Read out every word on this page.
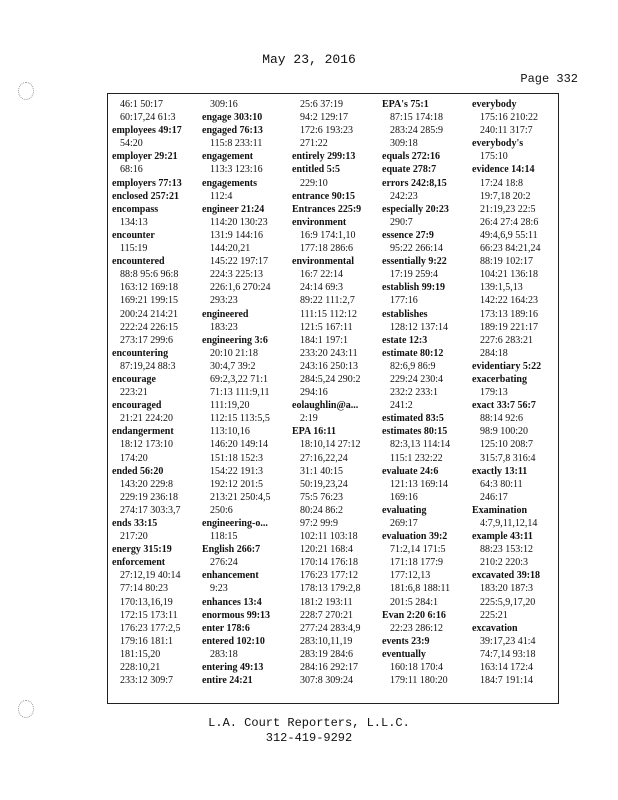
May 23, 2016
Page 332
46:1 50:17
60:17,24 61:3
employees 49:17
54:20
employer 29:21
68:16
employers 77:13
enclosed 257:21
encompass
134:13
encounter
115:19
encountered
88:8 95:6 96:8
163:12 169:18
169:21 199:15
200:24 214:21
222:24 226:15
273:17 299:6
encountering
87:19,24 88:3
encourage
223:21
encouraged
21:21 224:20
endangerment
18:12 173:10
174:20
ended 56:20
143:20 229:8
229:19 236:18
274:17 303:3,7
ends 33:15
217:20
energy 315:19
enforcement
27:12,19 40:14
77:14 80:23
170:13,16,19
172:15 173:11
176:23 177:2,5
179:16 181:1
181:15,20
228:10,21
233:12 309:7
309:16
engage 303:10
engaged 76:13
115:8 233:11
engagement
113:3 123:16
engagements
112:4
engineer 21:24
114:20 130:23
131:9 144:16
144:20,21
145:22 197:17
224:3 225:13
226:1,6 270:24
293:23
engineered
183:23
engineering 3:6
20:10 21:18
30:4,7 39:2
69:2,3,22 71:1
71:13 111:9,11
111:19,20
112:15 113:5,5
113:10,16
146:20 149:14
151:18 152:3
154:22 191:3
192:12 201:5
213:21 250:4,5
250:6
engineering-o...
118:15
English 266:7
276:24
enhancement
9:23
enhances 13:4
enormous 99:13
enter 178:6
entered 102:10
283:18
entering 49:13
entire 24:21
25:6 37:19
94:2 129:17
172:6 193:23
271:22
entirely 299:13
entitled 5:5
229:10
entrance 90:15
Entrances 225:9
environment
16:9 174:1,10
177:18 286:6
environmental
16:7 22:14
24:14 69:3
89:22 111:2,7
111:15 112:12
121:5 167:11
184:1 197:1
233:20 243:11
243:16 250:13
284:5,24 290:2
294:16
eolaughlin@a...
2:19
EPA 16:11
18:10,14 27:12
27:16,22,24
31:1 40:15
50:19,23,24
75:5 76:23
80:24 86:2
97:2 99:9
102:11 103:18
120:21 168:4
170:14 176:18
176:23 177:12
178:13 179:2,8
181:2 193:11
228:7 270:21
277:24 283:4,9
283:10,11,19
283:19 284:6
284:16 292:17
307:8 309:24
EPA's 75:1
87:15 174:18
283:24 285:9
309:18
equals 272:16
equate 278:7
errors 242:8,15
242:23
especially 20:23
290:7
essence 27:9
95:22 266:14
essentially 9:22
17:19 259:4
establish 99:19
177:16
establishes
128:12 137:14
estate 12:3
estimate 80:12
82:6,9 86:9
229:24 230:4
232:2 233:1
241:2
estimated 83:5
estimates 80:15
82:3,13 114:14
115:1 232:22
evaluate 24:6
121:13 169:14
169:16
evaluating
269:17
evaluation 39:2
71:2,14 171:5
171:18 177:9
177:12,13
181:6,8 188:11
201:5 284:1
Evan 2:20 6:16
22:23 286:12
events 23:9
eventually
160:18 170:4
179:11 180:20
everybody
175:16 210:22
240:11 317:7
everybody's
175:10
evidence 14:14
17:24 18:8
19:7,18 20:2
21:19,23 22:5
26:4 27:4 28:6
49:4,6,9 55:11
66:23 84:21,24
88:19 102:17
104:21 136:18
139:1,5,13
142:22 164:23
173:13 189:16
189:19 221:17
227:6 283:21
284:18
evidentiary 5:22
exacerbating
179:13
exact 33:7 56:7
88:14 92:6
98:9 100:20
125:10 208:7
315:7,8 316:4
exactly 13:11
64:3 80:11
246:17
Examination
4:7,9,11,12,14
example 43:11
88:23 153:12
210:2 220:3
excavated 39:18
183:20 187:3
225:5,9,17,20
225:21
excavation
39:17,23 41:4
74:7,14 93:18
163:14 172:4
184:7 191:14
L.A. Court Reporters, L.L.C.
312-419-9292
